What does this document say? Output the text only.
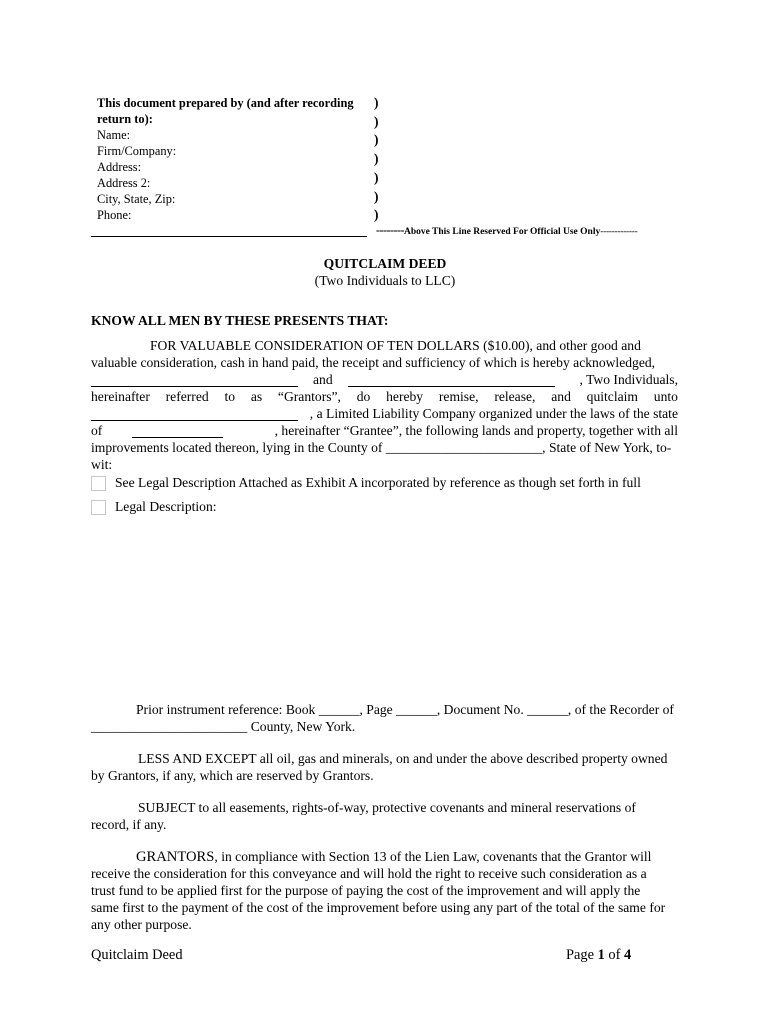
This document prepared by (and after recording
return to):
Name:
Firm/Company:
Address:
Address 2:
City, State, Zip:
Phone:
)
)
)
)
)
)
)
--------Above This Line Reserved For Official Use Only-------------
QUITCLAIM DEED
(Two Individuals to LLC)
KNOW ALL MEN BY THESE PRESENTS THAT:
FOR VALUABLE CONSIDERATION OF TEN DOLLARS ($10.00), and other good and
valuable consideration, cash in hand paid, the receipt and sufficiency of which is hereby acknowledged,
and	, Two Individuals,
hereinafter referred to as “Grantors”, do hereby remise, release, and quitclaim unto
, a Limited Liability Company organized under the laws of the state
of	, hereinafter “Grantee”, the following lands and property, together with all
improvements located thereon, lying in the County of _______________________, State of New York, to-
wit:
See Legal Description Attached as Exhibit A incorporated by reference as though set forth in full
Legal Description:
Prior instrument reference: Book ______, Page ______, Document No. ______, of the Recorder of
_______________________ County, New York.
LESS AND EXCEPT all oil, gas and minerals, on and under the above described property owned
by Grantors, if any, which are reserved by Grantors.
SUBJECT to all easements, rights-of-way, protective covenants and mineral reservations of
record, if any.
GRANTORS, in compliance with Section 13 of the Lien Law, covenants that the Grantor will
receive the consideration for this conveyance and will hold the right to receive such consideration as a
trust fund to be applied first for the purpose of paying the cost of the improvement and will apply the
same first to the payment of the cost of the improvement before using any part of the total of the same for
any other purpose.
Quitclaim Deed	Page 1 of 4
